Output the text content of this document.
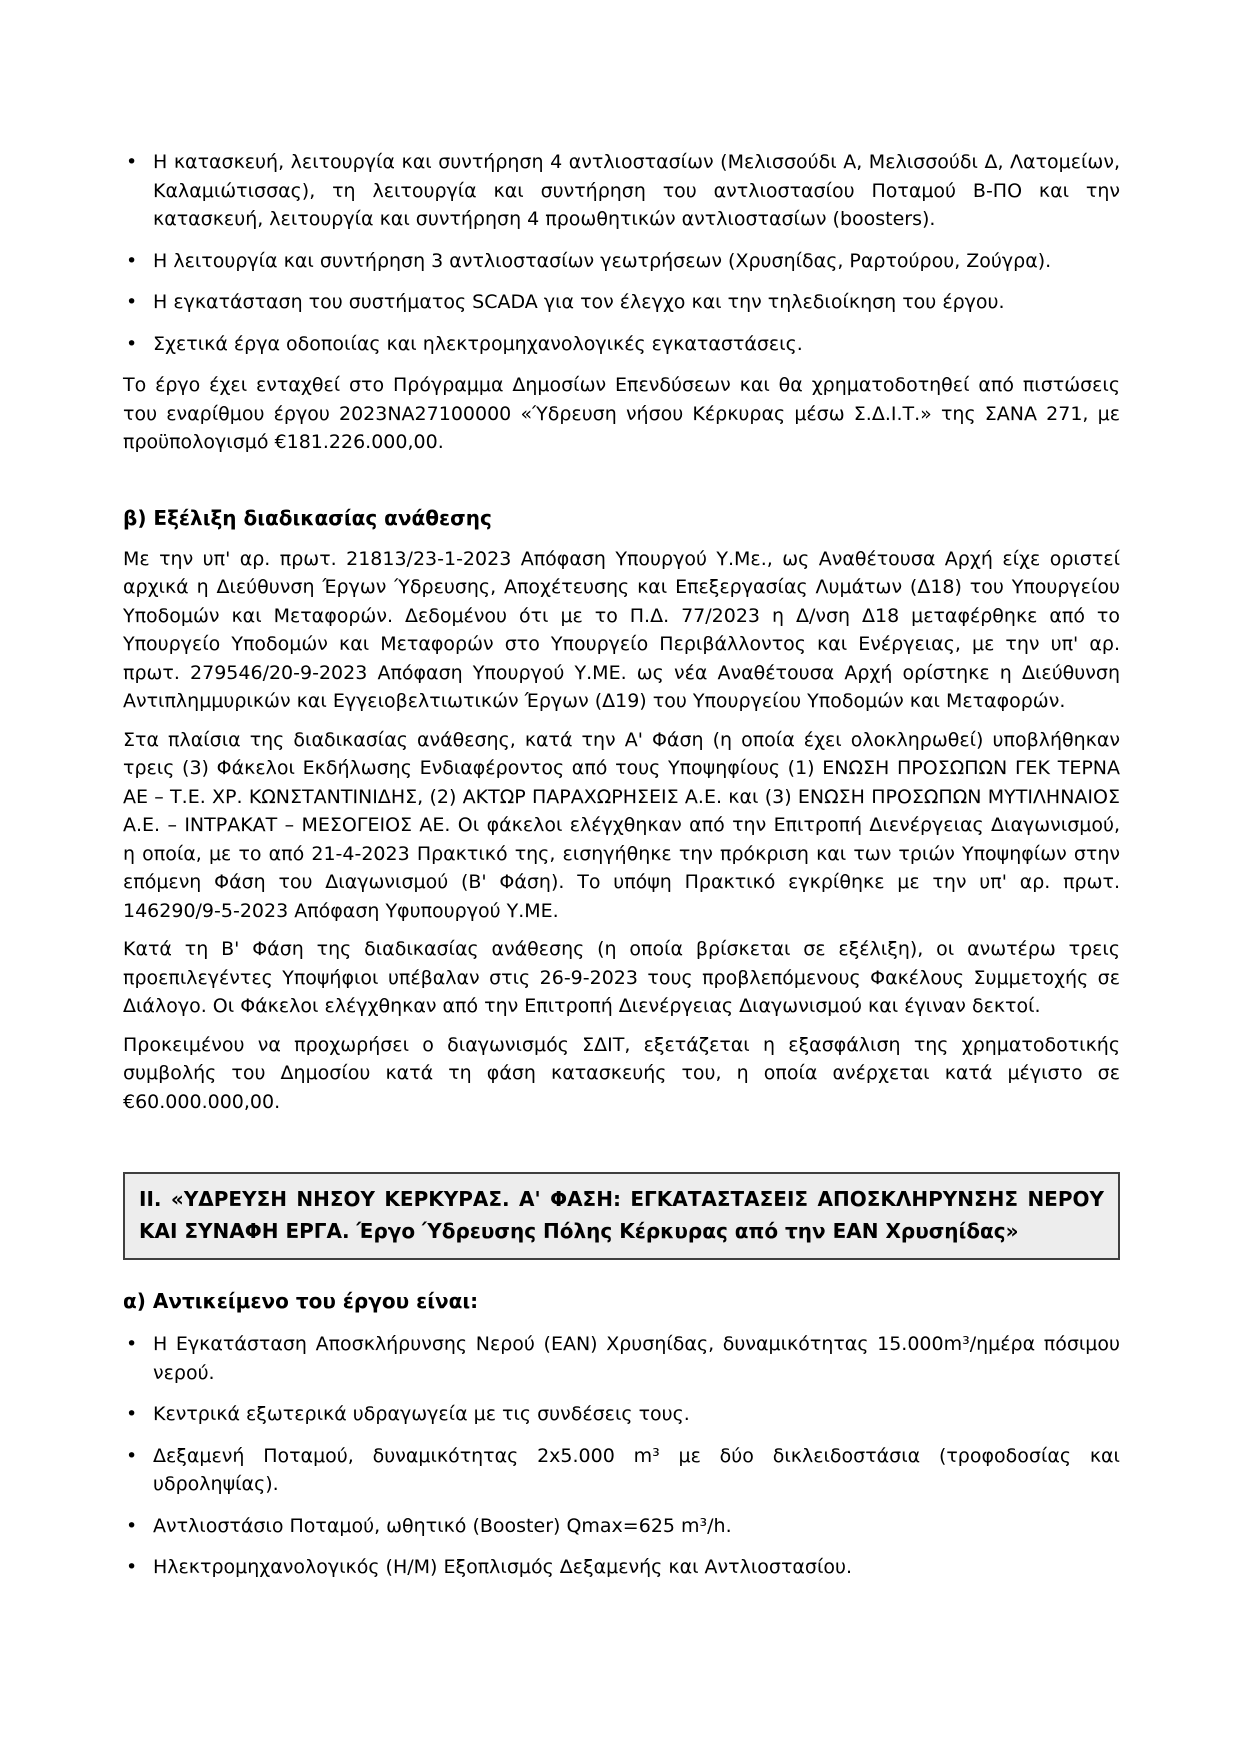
• Η κατασκευή, λειτουργία και συντήρηση 4 αντλιοστασίων (Μελισσούδι Α, Μελισσούδι Δ, Λατομείων, Καλαμιώτισσας), τη λειτουργία και συντήρηση του αντλιοστασίου Ποταμού Β-ΠΟ και την κατασκευή, λειτουργία και συντήρηση 4 προωθητικών αντλιοστασίων (boosters).
• Η λειτουργία και συντήρηση 3 αντλιοστασίων γεωτρήσεων (Χρυσηίδας, Ραρτούρου, Ζούγρα).
• Η εγκατάσταση του συστήματος SCADA για τον έλεγχο και την τηλεδιοίκηση του έργου.
• Σχετικά έργα οδοποιίας και ηλεκτρομηχανολογικές εγκαταστάσεις.

Το έργο έχει ενταχθεί στο Πρόγραμμα Δημοσίων Επενδύσεων και θα χρηματοδοτηθεί από πιστώσεις του εναρίθμου έργου 2023ΝΑ27100000 «Ύδρευση νήσου Κέρκυρας μέσω Σ.Δ.Ι.Τ.» της ΣΑΝΑ 271, με προϋπολογισμό €181.226.000,00.

β) Εξέλιξη διαδικασίας ανάθεσης

Με την υπ' αρ. πρωτ. 21813/23-1-2023 Απόφαση Υπουργού Υ.Με., ως Αναθέτουσα Αρχή είχε οριστεί αρχικά η Διεύθυνση Έργων Ύδρευσης, Αποχέτευσης και Επεξεργασίας Λυμάτων (Δ18) του Υπουργείου Υποδομών και Μεταφορών. Δεδομένου ότι με το Π.Δ. 77/2023 η Δ/νση Δ18 μεταφέρθηκε από το Υπουργείο Υποδομών και Μεταφορών στο Υπουργείο Περιβάλλοντος και Ενέργειας, με την υπ' αρ. πρωτ. 279546/20-9-2023 Απόφαση Υπουργού Υ.ΜΕ. ως νέα Αναθέτουσα Αρχή ορίστηκε η Διεύθυνση Αντιπλημμυρικών και Εγγειοβελτιωτικών Έργων (Δ19) του Υπουργείου Υποδομών και Μεταφορών.

Στα πλαίσια της διαδικασίας ανάθεσης, κατά την Α' Φάση (η οποία έχει ολοκληρωθεί) υποβλήθηκαν τρεις (3) Φάκελοι Εκδήλωσης Ενδιαφέροντος από τους Υποψηφίους (1) ΕΝΩΣΗ ΠΡΟΣΩΠΩΝ ΓΕΚ ΤΕΡΝΑ ΑΕ – Τ.Ε. ΧΡ. ΚΩΝΣΤΑΝΤΙΝΙΔΗΣ, (2) ΑΚΤΩΡ ΠΑΡΑΧΩΡΗΣΕΙΣ Α.Ε. και (3) ΕΝΩΣΗ ΠΡΟΣΩΠΩΝ ΜΥΤΙΛΗΝΑΙΟΣ Α.Ε. – ΙΝΤΡΑΚΑΤ – ΜΕΣΟΓΕΙΟΣ ΑΕ. Οι φάκελοι ελέγχθηκαν από την Επιτροπή Διενέργειας Διαγωνισμού, η οποία, με το από 21-4-2023 Πρακτικό της, εισηγήθηκε την πρόκριση και των τριών Υποψηφίων στην επόμενη Φάση του Διαγωνισμού (Β' Φάση). Το υπόψη Πρακτικό εγκρίθηκε με την υπ' αρ. πρωτ. 146290/9-5-2023 Απόφαση Υφυπουργού Υ.ΜΕ.

Κατά τη Β' Φάση της διαδικασίας ανάθεσης (η οποία βρίσκεται σε εξέλιξη), οι ανωτέρω τρεις προεπιλεγέντες Υποψήφιοι υπέβαλαν στις 26-9-2023 τους προβλεπόμενους Φακέλους Συμμετοχής σε Διάλογο. Οι Φάκελοι ελέγχθηκαν από την Επιτροπή Διενέργειας Διαγωνισμού και έγιναν δεκτοί.

Προκειμένου να προχωρήσει ο διαγωνισμός ΣΔΙΤ, εξετάζεται η εξασφάλιση της χρηματοδοτικής συμβολής του Δημοσίου κατά τη φάση κατασκευής του, η οποία ανέρχεται κατά μέγιστο σε €60.000.000,00.

ΙΙ. «ΥΔΡΕΥΣΗ ΝΗΣΟΥ ΚΕΡΚΥΡΑΣ. Α' ΦΑΣΗ: ΕΓΚΑΤΑΣΤΑΣΕΙΣ ΑΠΟΣΚΛΗΡΥΝΣΗΣ ΝΕΡΟΥ ΚΑΙ ΣΥΝΑΦΗ ΕΡΓΑ. Έργο Ύδρευσης Πόλης Κέρκυρας από την ΕΑΝ Χρυσηίδας»
α) Αντικείμενο του έργου είναι:
• Η Εγκατάσταση Αποσκλήρυνσης Νερού (ΕΑΝ) Χρυσηίδας, δυναμικότητας 15.000m³/ημέρα πόσιμου νερού.
• Κεντρικά εξωτερικά υδραγωγεία με τις συνδέσεις τους.
• Δεξαμενή Ποταμού, δυναμικότητας 2x5.000 m³ με δύο δικλειδοστάσια (τροφοδοσίας και υδροληψίας).
• Αντλιοστάσιο Ποταμού, ωθητικό (Booster) Qmax=625 m³/h.
• Ηλεκτρομηχανολογικός (Η/Μ) Εξοπλισμός Δεξαμενής και Αντλιοστασίου.
